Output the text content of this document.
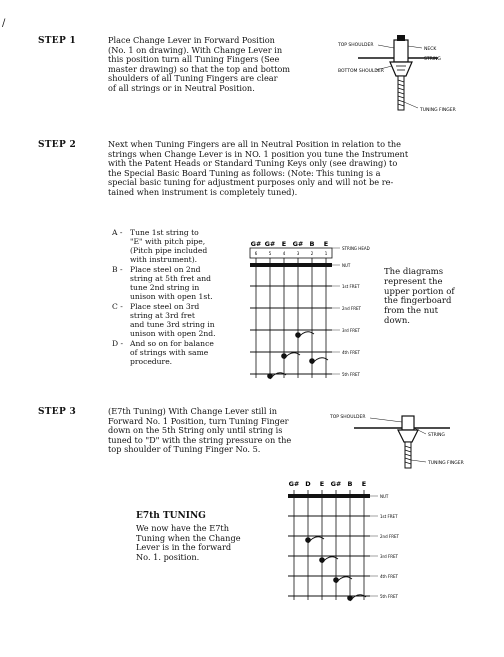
/
STEP 1	Place Change Lever in Forward Position
(No. 1 on drawing). With Change Lever in
this position turn all Tuning Fingers (See
master drawing) so that the top and bottom
shoulders of all Tuning Fingers are clear
of all strings or in Neutral Position.
TOP SHOULDER
NECK
STRING
BOTTOM SHOULDER
TUNING FINGER
STEP 2	Next when Tuning Fingers are all in Neutral Position in relation to the
strings when Change Lever is in NO. 1 position you tune the Instrument
with the Patent Heads or Standard Tuning Keys only (see drawing) to
the Special Basic Board Tuning as follows: (Note: This tuning is a
special basic tuning for adjustment purposes only and will not be re-
tained when instrument is completely tuned).
A - Tune 1st string to
"E" with pitch pipe,
(Pitch pipe included
with instrument).
B - Place steel on 2nd
string at 5th fret and
tune 2nd string in
unison with open 1st.
C - Place steel on 3rd
string at 3rd fret
and tune 3rd string in
unison with open 2nd.
D - And so on for balance
of strings with same
procedure.
G# G# E G# B E
6	5	4	3	2	1
STRING HEAD
NUT
1st FRET
2nd FRET
3rd FRET
4th FRET
5th FRET
The diagrams
represent the
upper portion of
the fingerboard
from the nut
down.
STEP 3	(E7th Tuning) With Change Lever still in
Forward No. 1 Position, turn Tuning Finger
down on the 5th String only until string is
tuned to "D" with the string pressure on the
top shoulder of Tuning Finger No. 5.
TOP SHOULDER
STRING
TUNING FINGER
E7th TUNING
We now have the E7th
Tuning when the Change
Lever is in the forward
No. 1. position.
G# D E G# B E
NUT
1st FRET
2nd FRET
3rd FRET
4th FRET
5th FRET
